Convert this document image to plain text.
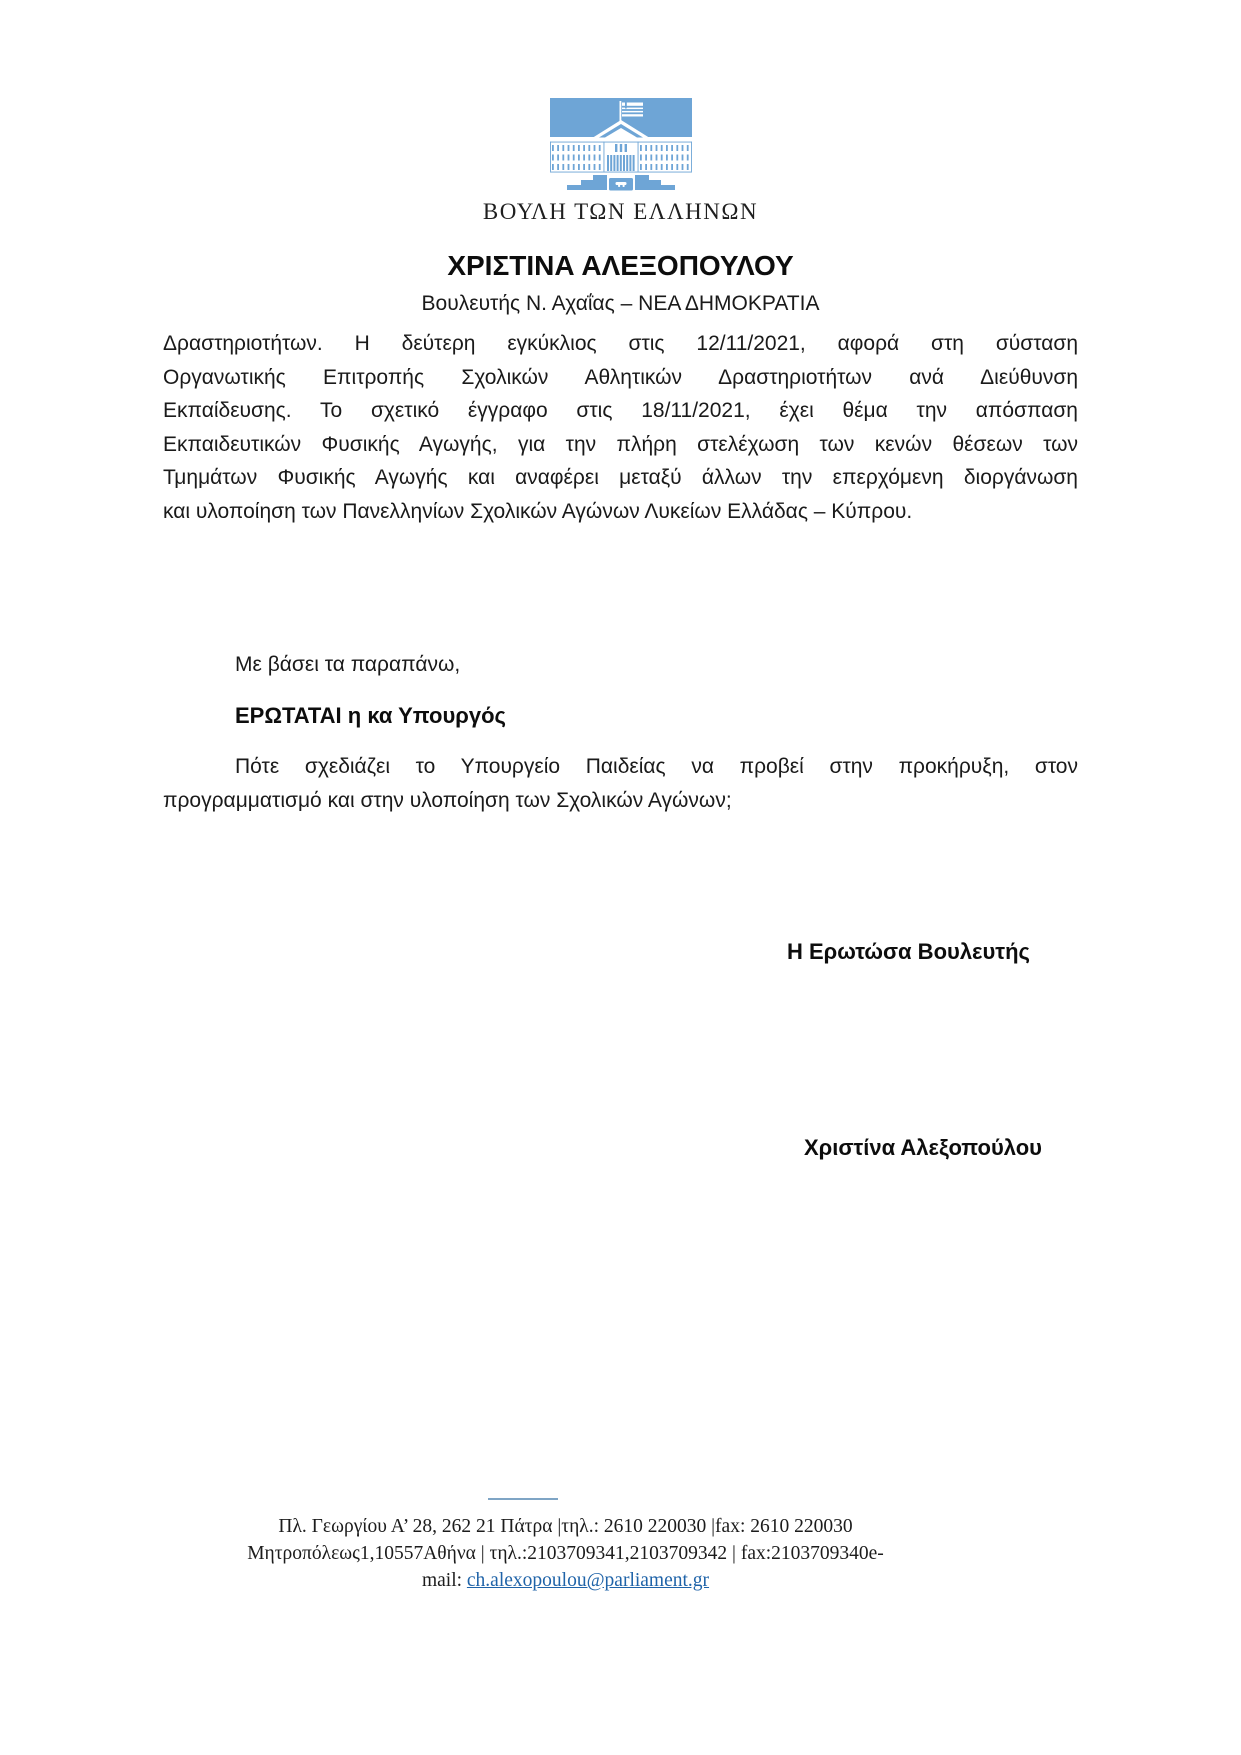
ΒΟΥΛΗ ΤΩΝ ΕΛΛΗΝΩΝ
ΧΡΙΣΤΙΝΑ ΑΛΕΞΟΠΟΥΛΟΥ
Βουλευτής Ν. Αχαΐας – ΝΕΑ ΔΗΜΟΚΡΑΤΙΑ
Δραστηριοτήτων. Η δεύτερη εγκύκλιος στις 12/11/2021, αφορά στη σύσταση
Οργανωτικής Επιτροπής Σχολικών Αθλητικών Δραστηριοτήτων ανά Διεύθυνση
Εκπαίδευσης. Το σχετικό έγγραφο στις 18/11/2021, έχει θέμα την απόσπαση
Εκπαιδευτικών Φυσικής Αγωγής, για την πλήρη στελέχωση των κενών θέσεων των
Τμημάτων Φυσικής Αγωγής και αναφέρει μεταξύ άλλων την επερχόμενη διοργάνωση
και υλοποίηση των Πανελληνίων Σχολικών Αγώνων Λυκείων Ελλάδας – Κύπρου.

Με βάσει τα παραπάνω,

ΕΡΩΤΑΤΑΙ η κα Υπουργός

Πότε σχεδιάζει το Υπουργείο Παιδείας να προβεί στην προκήρυξη, στον
προγραμματισμό και στην υλοποίηση των Σχολικών Αγώνων;

Η Ερωτώσα Βουλευτής

Χριστίνα Αλεξοπούλου

Πλ. Γεωργίου Α’ 28, 262 21 Πάτρα |τηλ.: 2610 220030 |fax: 2610 220030
Μητροπόλεως1,10557Αθήνα | τηλ.:2103709341,2103709342 | fax:2103709340e-
mail: ch.alexopoulou@parliament.gr
